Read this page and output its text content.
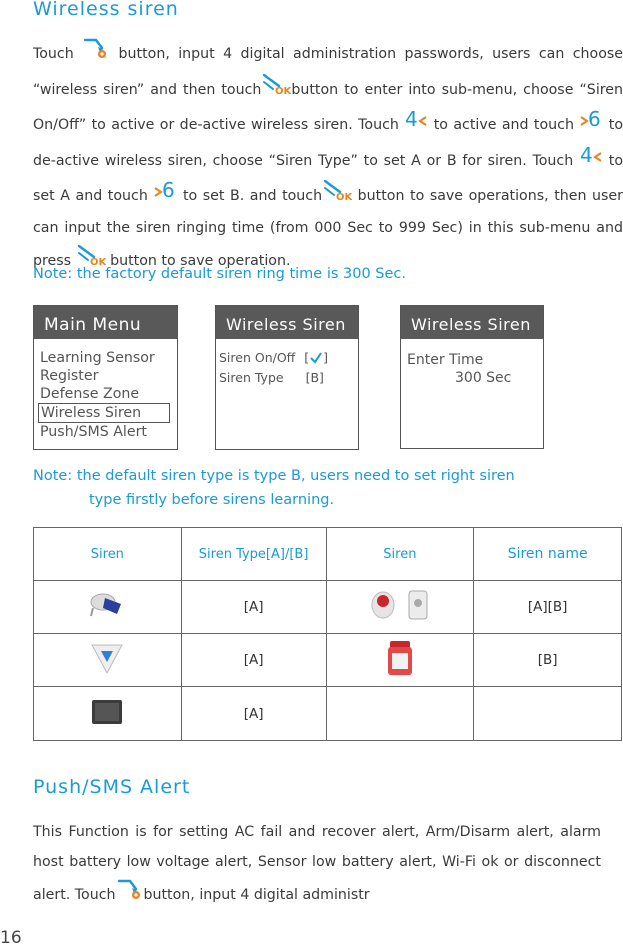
Wireless siren

Touch  button, input 4 digital administration passwords, users can choose “wireless siren” and then touch OK button to enter into sub-menu, choose “Siren On/Off” to active or de-active wireless siren. Touch 4 to active and touch 6 to de-active wireless siren, choose “Siren Type” to set A or B for siren. Touch 4 to set A and touch 6 to set B. and touch OK button to save operations, then user can input the siren ringing time (from 000 Sec to 999 Sec) in this sub-menu and press OK button to save operation.

Note: the factory default siren ring time is 300 Sec.

Main Menu
Learning Sensor
Register
Defense Zone
Wireless Siren
Push/SMS Alert
Wireless Siren
Siren On/Off [ ]
Siren Type [B]
Wireless Siren
Enter Time
300 Sec

Note: the default siren type is type B, users need to set right siren
type firstly before sirens learning.

Siren	Siren Type[A]/[B]	Siren	Siren name
	[A]		[A][B]
	[A]		[B]
	[A]		
Push/SMS Alert

This Function is for setting AC fail and recover alert, Arm/Disarm alert, alarm host battery low voltage alert, Sensor low battery alert, Wi-Fi ok or disconnect alert. Touch button, input 4 digital administr

16
